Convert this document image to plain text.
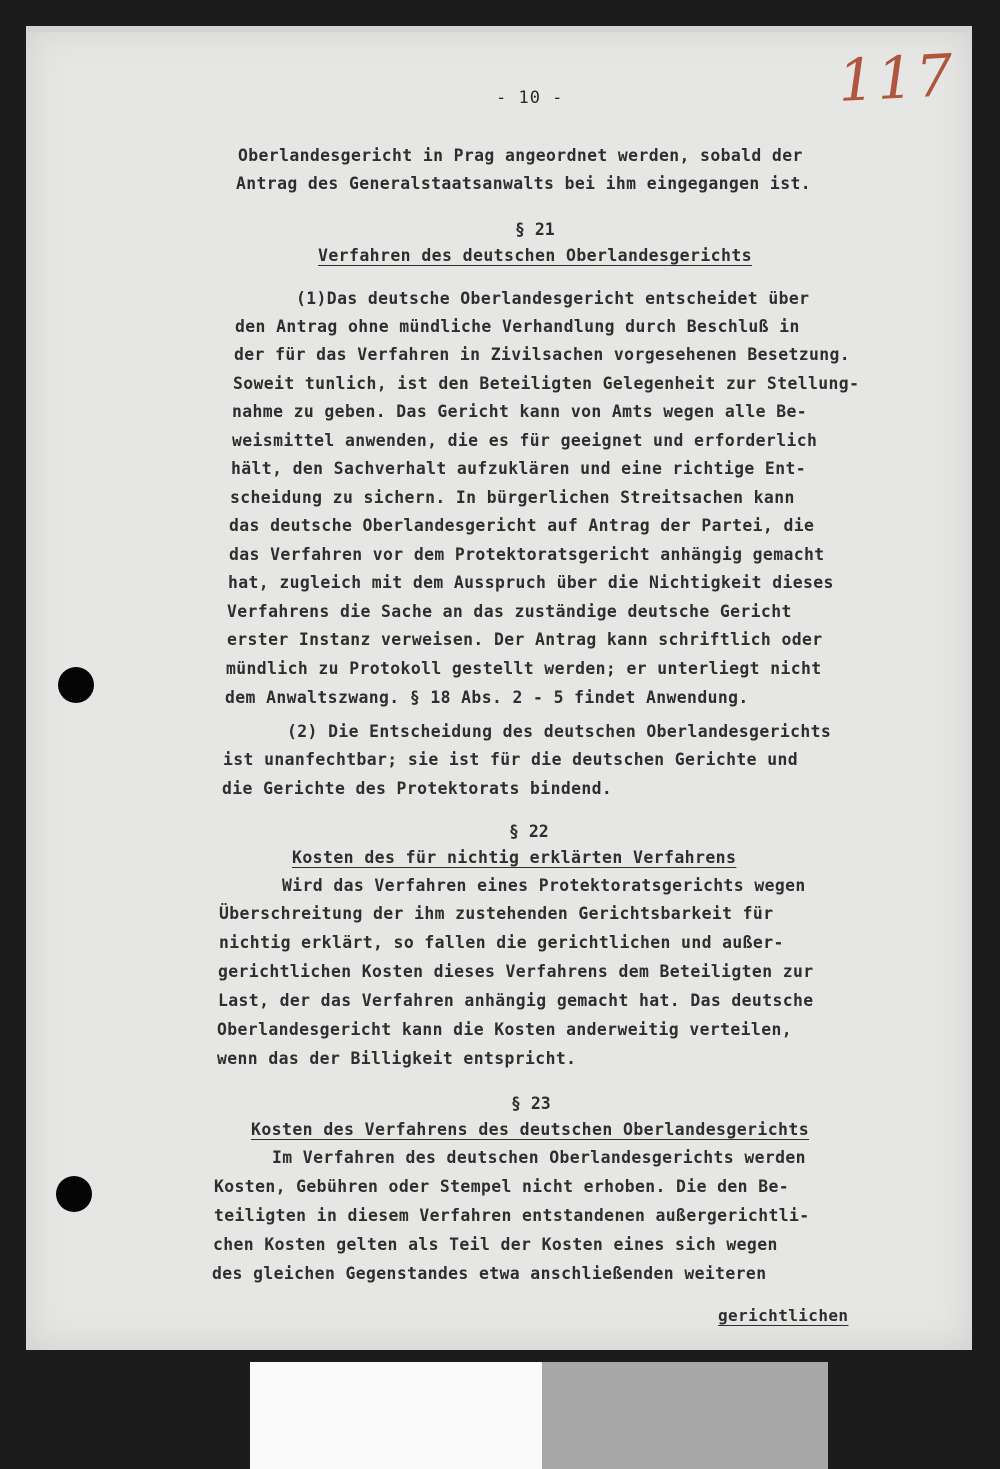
117
- 10 -
Oberlandesgericht in Prag angeordnet werden, sobald der
Antrag des Generalstaatsanwalts bei ihm eingegangen ist.
§ 21
Verfahren des deutschen Oberlandesgerichts
(1)Das deutsche Oberlandesgericht entscheidet über
den Antrag ohne mündliche Verhandlung durch Beschluß in
der für das Verfahren in Zivilsachen vorgesehenen Besetzung.
Soweit tunlich, ist den Beteiligten Gelegenheit zur Stellung-
nahme zu geben. Das Gericht kann von Amts wegen alle Be-
weismittel anwenden, die es für geeignet und erforderlich
hält, den Sachverhalt aufzuklären und eine richtige Ent-
scheidung zu sichern. In bürgerlichen Streitsachen kann
das deutsche Oberlandesgericht auf Antrag der Partei, die
das Verfahren vor dem Protektoratsgericht anhängig gemacht
hat, zugleich mit dem Ausspruch über die Nichtigkeit dieses
Verfahrens die Sache an das zuständige deutsche Gericht
erster Instanz verweisen. Der Antrag kann schriftlich oder
mündlich zu Protokoll gestellt werden; er unterliegt nicht
dem Anwaltszwang. § 18 Abs. 2 - 5 findet Anwendung.
(2) Die Entscheidung des deutschen Oberlandesgerichts
ist unanfechtbar; sie ist für die deutschen Gerichte und
die Gerichte des Protektorats bindend.
§ 22
Kosten des für nichtig erklärten Verfahrens
Wird das Verfahren eines Protektoratsgerichts wegen
Überschreitung der ihm zustehenden Gerichtsbarkeit für
nichtig erklärt, so fallen die gerichtlichen und außer-
gerichtlichen Kosten dieses Verfahrens dem Beteiligten zur
Last, der das Verfahren anhängig gemacht hat. Das deutsche
Oberlandesgericht kann die Kosten anderweitig verteilen,
wenn das der Billigkeit entspricht.
§ 23
Kosten des Verfahrens des deutschen Oberlandesgerichts
Im Verfahren des deutschen Oberlandesgerichts werden
Kosten, Gebühren oder Stempel nicht erhoben. Die den Be-
teiligten in diesem Verfahren entstandenen außergerichtli-
chen Kosten gelten als Teil der Kosten eines sich wegen
des gleichen Gegenstandes etwa anschließenden weiteren
gerichtlichen
